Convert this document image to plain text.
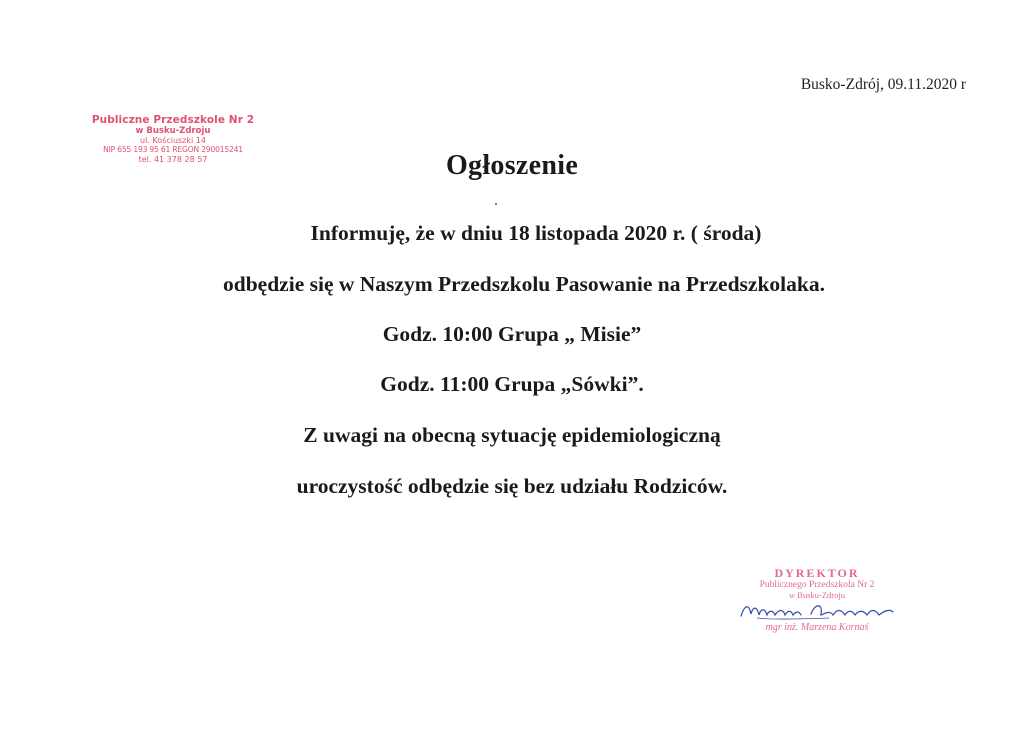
Busko-Zdrój, 09.11.2020 r
Publiczne Przedszkole Nr 2
w Busku-Zdroju
ul. Kościuszki 14
NIP 655 193 95 61 REGON 290015241
tel. 41 378 28 57	Ogłoszenie
Informuję, że w dniu 18 listopada 2020 r. ( środa)
odbędzie się w Naszym Przedszkolu Pasowanie na Przedszkolaka.
Godz. 10:00 Grupa „ Misie”
Godz. 11:00 Grupa „Sówki”.
Z uwagi na obecną sytuację epidemiologiczną
uroczystość odbędzie się bez udziału Rodziców.
DYREKTOR
Publicznego Przedszkola Nr 2
w Busku-Zdroju
mgr inż. Marzena Kornaś
